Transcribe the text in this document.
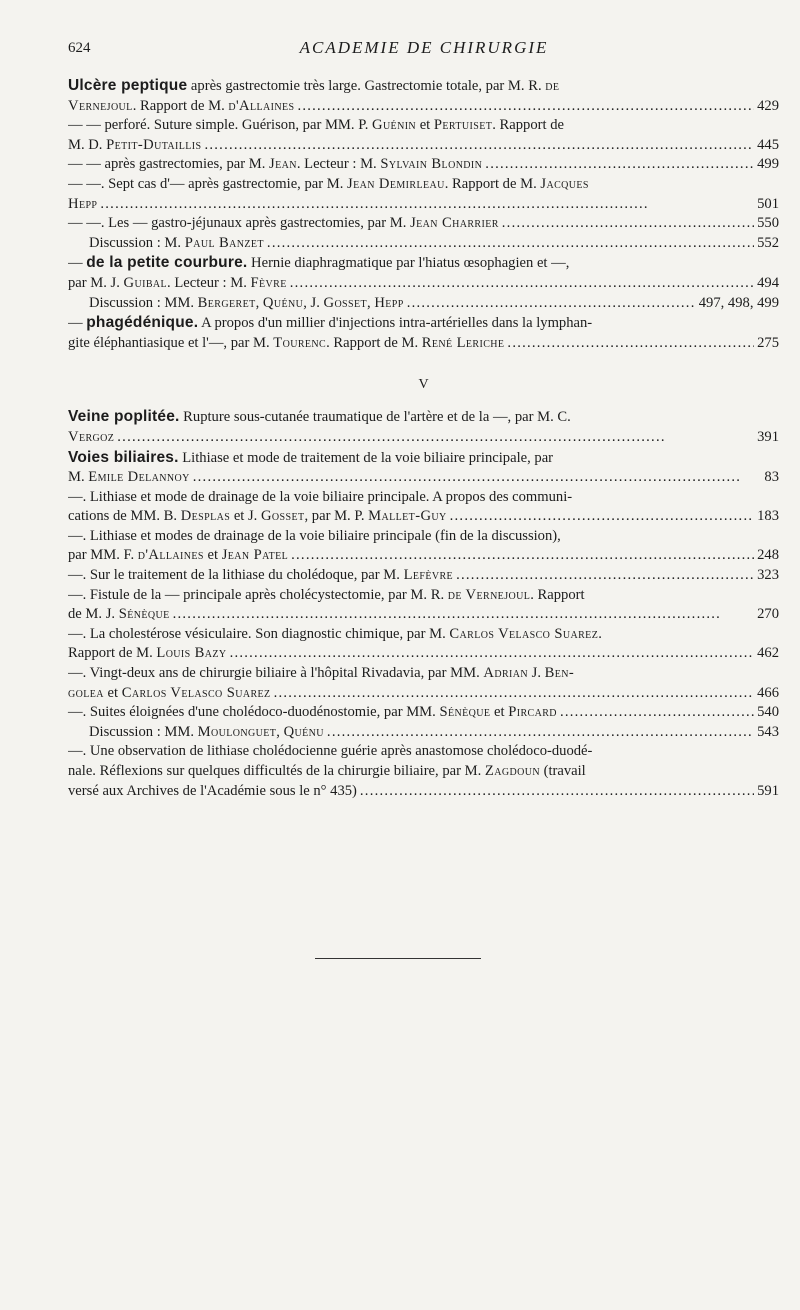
624	ACADEMIE DE CHIRURGIE
Ulcère peptique après gastrectomie très large. Gastrectomie totale, par M. R. de
Vernejoul. Rapport de M. d'Allaines . . .	429
— — perforé. Suture simple. Guérison, par MM. P. Guénin et Pertuiset. Rapport de
M. D. Petit-Dutaillis . . .	445
— — après gastrectomies, par M. Jean. Lecteur : M. Sylvain Blondin . . .	499
— —. Sept cas d'— après gastrectomie, par M. Jean Demirleau. Rapport de M. Jacques
Hepp . . .	501
— —. Les — gastro-jéjunaux après gastrectomies, par M. Jean Charrier . . .	550
Discussion : M. Paul Banzet . . .	552
— de la petite courbure. Hernie diaphragmatique par l'hiatus œsophagien et —,
par M. J. Guibal. Lecteur : M. Fèvre . . .	494
Discussion : MM. Bergeret, Quénu, J. Gosset, Hepp . . .	497, 498, 499
— phagédénique. A propos d'un millier d'injections intra-artérielles dans la lymphan-
gite éléphantiasique et l'—, par M. Tourenc. Rapport de M. René Leriche . . .	275
V
Veine poplitée. Rupture sous-cutanée traumatique de l'artère et de la —, par M. C.
Vergoz . . .	391
Voies biliaires. Lithiase et mode de traitement de la voie biliaire principale, par
M. Emile Delannoy . . .	83
—. Lithiase et mode de drainage de la voie biliaire principale. A propos des communi-
cations de MM. B. Desplas et J. Gosset, par M. P. Mallet-Guy . . .	183
—. Lithiase et modes de drainage de la voie biliaire principale (fin de la discussion),
par MM. F. d'Allaines et Jean Patel . . .	248
—. Sur le traitement de la lithiase du cholédoque, par M. Lefèvre . . .	323
—. Fistule de la — principale après cholécystectomie, par M. R. de Vernejoul. Rapport
de M. J. Sénèque . . .	270
—. La cholestérose vésiculaire. Son diagnostic chimique, par M. Carlos Velasco Suarez.
Rapport de M. Louis Bazy . . .	462
—. Vingt-deux ans de chirurgie biliaire à l'hôpital Rivadavia, par MM. Adrian J. Ben-
golea et Carlos Velasco Suarez . . .	466
—. Suites éloignées d'une cholédoco-duodénostomie, par MM. Sénèque et Pircard . . .	540
Discussion : MM. Moulonguet, Quénu . . .	543
—. Une observation de lithiase cholédocienne guérie après anastomose cholédoco-duodé-
nale. Réflexions sur quelques difficultés de la chirurgie biliaire, par M. Zagdoun (travail
versé aux Archives de l'Académie sous le n° 435) . . .	591
